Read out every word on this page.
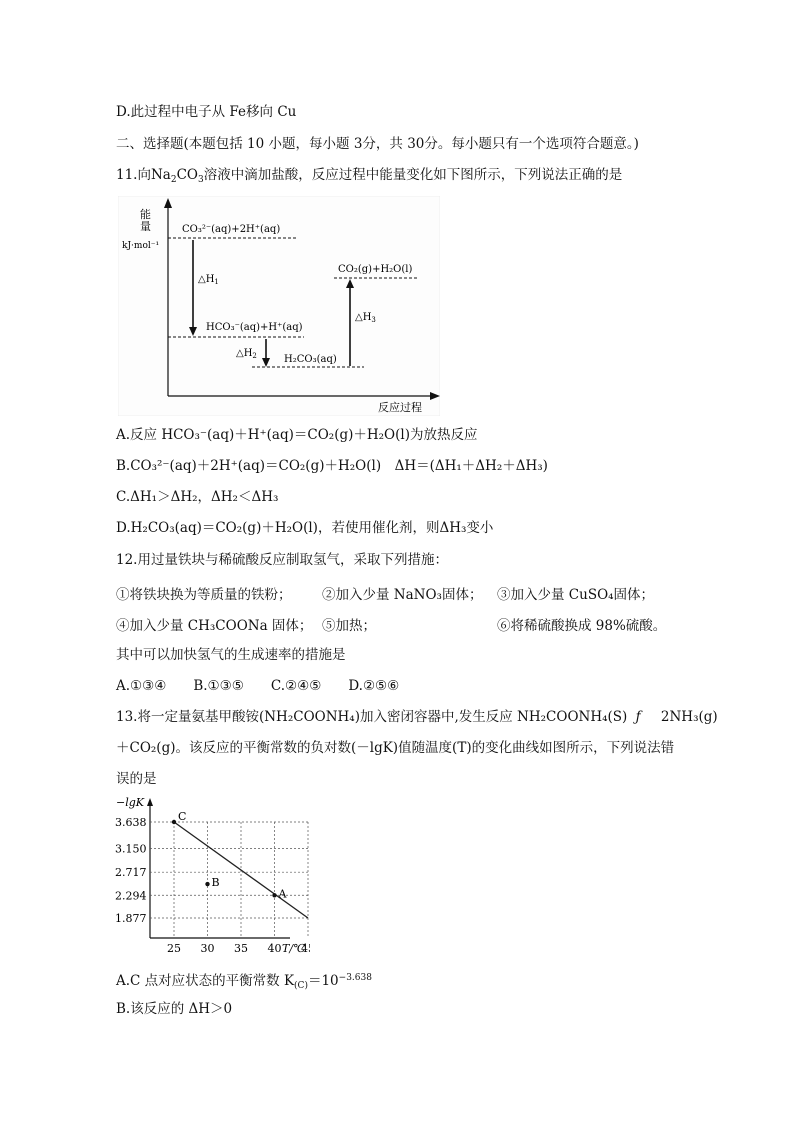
D.此过程中电子从 Fe移向 Cu
二、选择题(本题包括 10 小题，每小题 3分，共 30分。每小题只有一个选项符合题意。)
11.向$Na_2CO_3$溶液中滴加盐酸，反应过程中能量变化如下图所示，下列说法正确的是
能
量
kJ·mol⁻¹
反应过程
CO₃²⁻(aq)+2H⁺(aq)
HCO₃⁻(aq)+H⁺(aq)
H₂CO₃(aq)
CO₂(g)+H₂O(l)
$\triangle H_1$
$\triangle H_2$
$\triangle H_3$
A.反应 HCO₃⁻(aq)＋H⁺(aq)＝CO₂(g)＋H₂O(l)为放热反应
B.CO₃²⁻(aq)＋2H⁺(aq)＝CO₂(g)＋H₂O(l)　ΔH＝(ΔH₁＋ΔH₂＋ΔH₃)
C.ΔH₁＞ΔH₂，ΔH₂＜ΔH₃
D.H₂CO₃(aq)＝CO₂(g)＋H₂O(l)，若使用催化剂，则ΔH₃变小
12.用过量铁块与稀硫酸反应制取氢气，采取下列措施：
①将铁块换为等质量的铁粉； ②加入少量 NaNO₃固体； ③加入少量 CuSO₄固体；
④加入少量 CH₃COONa 固体； ⑤加热；	⑥将稀硫酸换成 98%硫酸。
其中可以加快氢气的生成速率的措施是
A.①③④　　B.①③⑤　　C.②④⑤　　D.②⑤⑥
13.将一定量氨基甲酸铵(NH₂COONH₄)加入密闭容器中,发生反应 NH₂COONH₄(S) ƒ 2NH₃(g)
＋CO₂(g)。该反应的平衡常数的负对数(－lgK)值随温度(T)的变化曲线如图所示，下列说法错
误的是
−lgK
T/℃
3.638
3.150
2.717
2.294
1.877
25 30 35 40 4
C
A
B
A.C 点对应状态的平衡常数 $K_{(C)}=10^{-3.638}$
B.该反应的 ΔH＞0
